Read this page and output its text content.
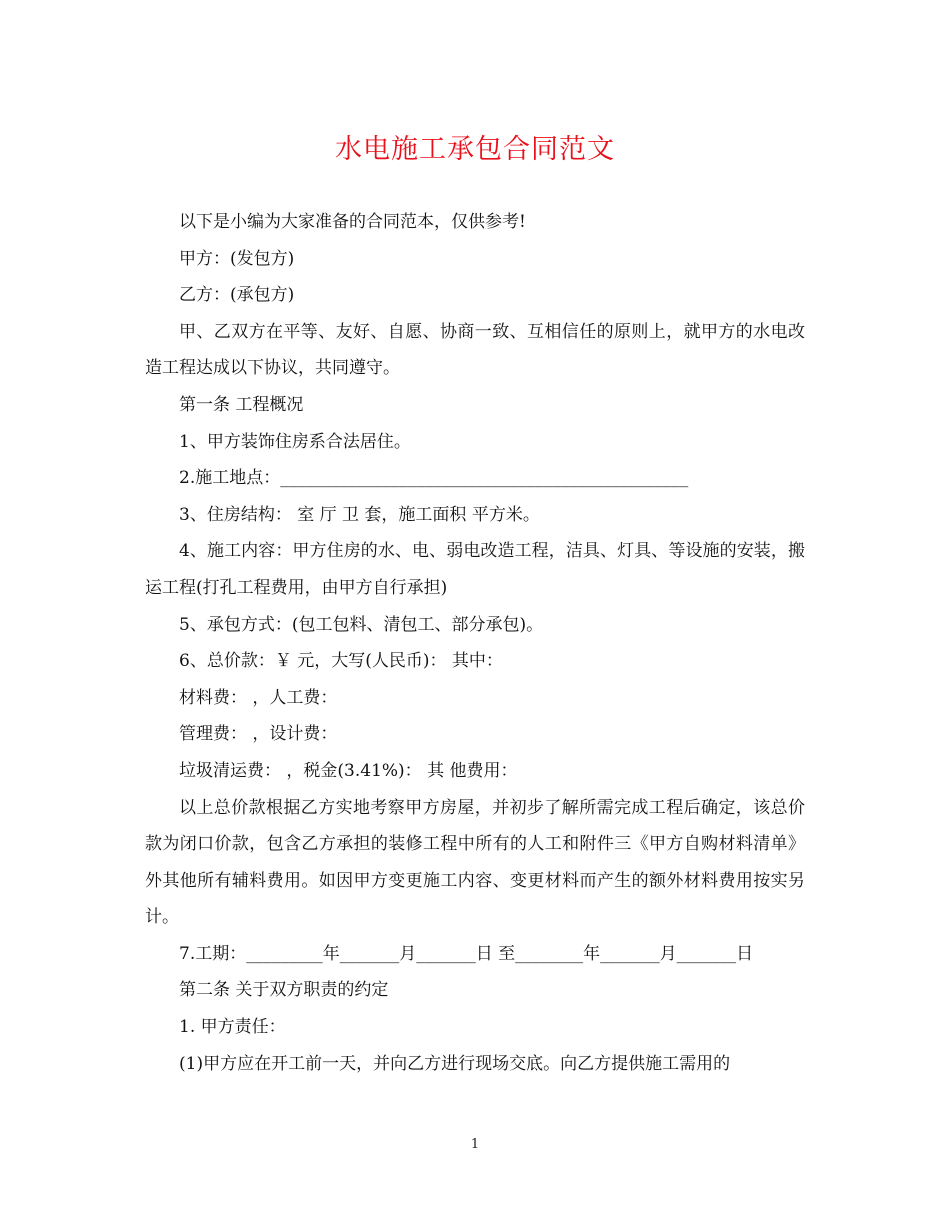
水电施工承包合同范文

以下是小编为大家准备的合同范本，仅供参考!

甲方：(发包方)

乙方：(承包方)

甲、乙双方在平等、友好、自愿、协商一致、互相信任的原则上，就甲方的水电改造工程达成以下协议，共同遵守。

第一条 工程概况

1、甲方装饰住房系合法居住。

2.施工地点：________________________________________________

3、住房结构： 室 厅 卫 套，施工面积 平方米。

4、施工内容：甲方住房的水、电、弱电改造工程，洁具、灯具、等设施的安装，搬运工程(打孔工程费用，由甲方自行承担)

5、承包方式：(包工包料、清包工、部分承包)。

6、总价款：￥ 元，大写(人民币)： 其中：

材料费： ，人工费：

管理费： ，设计费：

垃圾清运费： ，税金(3.41%)： 其 他费用：

以上总价款根据乙方实地考察甲方房屋，并初步了解所需完成工程后确定，该总价款为闭口价款，包含乙方承担的装修工程中所有的人工和附件三《甲方自购材料清单》外其他所有辅料费用。如因甲方变更施工内容、变更材料而产生的额外材料费用按实另计。

7.工期：_________年_______月_______日 至________年_______月_______日

第二条 关于双方职责的约定

1. 甲方责任：

(1)甲方应在开工前一天，并向乙方进行现场交底。向乙方提供施工需用的

1
